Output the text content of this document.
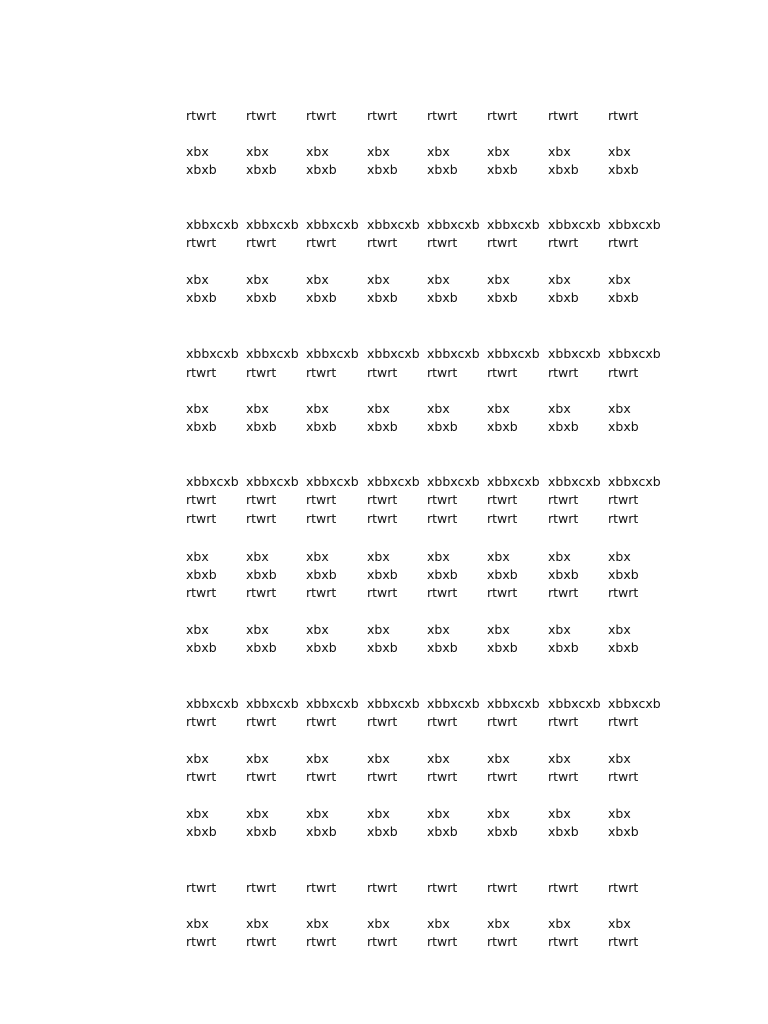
rtwrt rtwrt rtwrt rtwrt rtwrt rtwrt rtwrt rtwrt
xbx	xbx	xbx	xbx	xbx	xbx	xbx	xbx
xbxb xbxb xbxb xbxb xbxb xbxb xbxb xbxb
xbbxcxb xbbxcxb xbbxcxb xbbxcxb xbbxcxb xbbxcxb xbbxcxb xbbxcxb
rtwrt rtwrt rtwrt rtwrt rtwrt rtwrt rtwrt rtwrt
xbx	xbx	xbx	xbx	xbx	xbx	xbx	xbx
xbxb xbxb xbxb xbxb xbxb xbxb xbxb xbxb
xbbxcxb xbbxcxb xbbxcxb xbbxcxb xbbxcxb xbbxcxb xbbxcxb xbbxcxb
rtwrt rtwrt rtwrt rtwrt rtwrt rtwrt rtwrt rtwrt
xbx	xbx	xbx	xbx	xbx	xbx	xbx	xbx
xbxb xbxb xbxb xbxb xbxb xbxb xbxb xbxb
xbbxcxb xbbxcxb xbbxcxb xbbxcxb xbbxcxb xbbxcxb xbbxcxb xbbxcxb
rtwrt rtwrt rtwrt rtwrt rtwrt rtwrt rtwrt rtwrt
rtwrt rtwrt rtwrt rtwrt rtwrt rtwrt rtwrt rtwrt
xbx	xbx	xbx	xbx	xbx	xbx	xbx	xbx
xbxb xbxb xbxb xbxb xbxb xbxb xbxb xbxb
rtwrt rtwrt rtwrt rtwrt rtwrt rtwrt rtwrt rtwrt
xbx	xbx	xbx	xbx	xbx	xbx	xbx	xbx
xbxb xbxb xbxb xbxb xbxb xbxb xbxb xbxb
xbbxcxb xbbxcxb xbbxcxb xbbxcxb xbbxcxb xbbxcxb xbbxcxb xbbxcxb
rtwrt rtwrt rtwrt rtwrt rtwrt rtwrt rtwrt rtwrt
xbx	xbx	xbx	xbx	xbx	xbx	xbx	xbx
rtwrt rtwrt rtwrt rtwrt rtwrt rtwrt rtwrt rtwrt
xbx	xbx	xbx	xbx	xbx	xbx	xbx	xbx
xbxb xbxb xbxb xbxb xbxb xbxb xbxb xbxb
rtwrt rtwrt rtwrt rtwrt rtwrt rtwrt rtwrt rtwrt
xbx	xbx	xbx	xbx	xbx	xbx	xbx	xbx
rtwrt rtwrt rtwrt rtwrt rtwrt rtwrt rtwrt rtwrt
